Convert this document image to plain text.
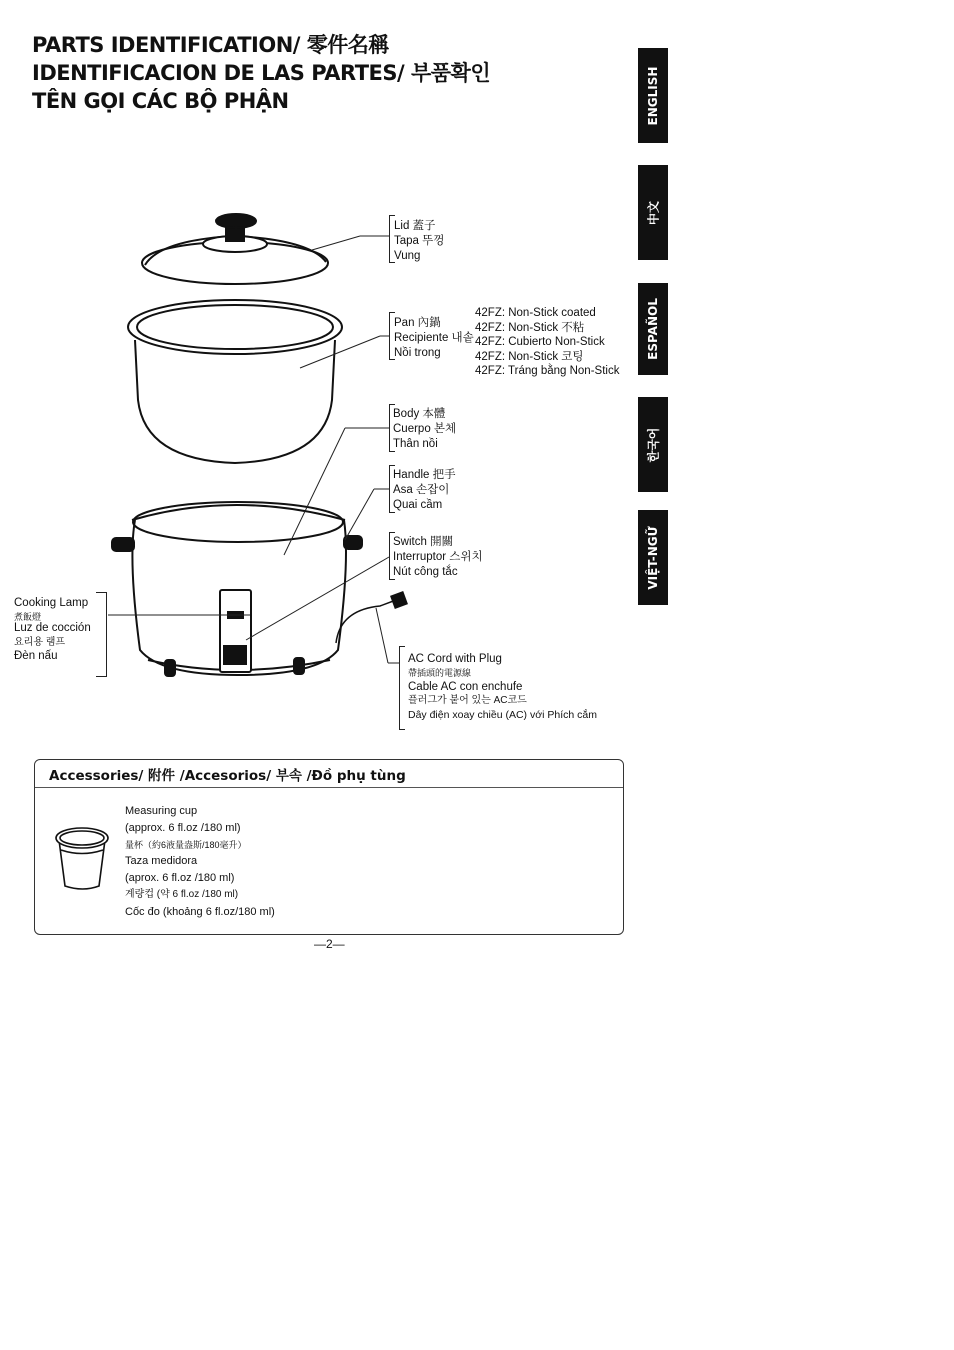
PARTS IDENTIFICATION/ 零件名稱
IDENTIFICACION DE LAS PARTES/ 부품확인
TÊN GỌI CÁC BỘ PHẬN	ENGLISH
中文
ESPAÑOL
한국어
VIỆT-NGỮ
Lid 蓋子
Tapa 뚜껑
Vung
Pan 內鍋
Recipiente 내솥
Nồi trong
42FZ: Non-Stick coated
42FZ: Non-Stick 不粘
42FZ: Cubierto Non-Stick
42FZ: Non-Stick 코팅
42FZ: Tráng bằng Non-Stick
Body 本體
Cuerpo 본체
Thân nồi
Handle 把手
Asa 손잡이
Quai cầm
Switch 開關
Interruptor 스위치
Nút công tắc
Cooking Lamp
煮飯燈
Luz de cocción
요리용 램프
Đèn nấu	AC Cord with Plug
帶插頭的電源線
Cable AC con enchufe
플러그가 붙어 있는 AC코드
Dây điện xoay chiều (AC) với Phích cắm
Accessories/ 附件 /Accesorios/ 부속 /Đồ phụ tùng
Measuring cup
(approx. 6 fl.oz /180 ml)
量杯（約6液量盎斯/180毫升）
Taza medidora
(aprox. 6 fl.oz /180 ml)
계량컵 (약 6 fl.oz /180 ml)
Cốc đo (khoảng 6 fl.oz/180 ml)
—2—
